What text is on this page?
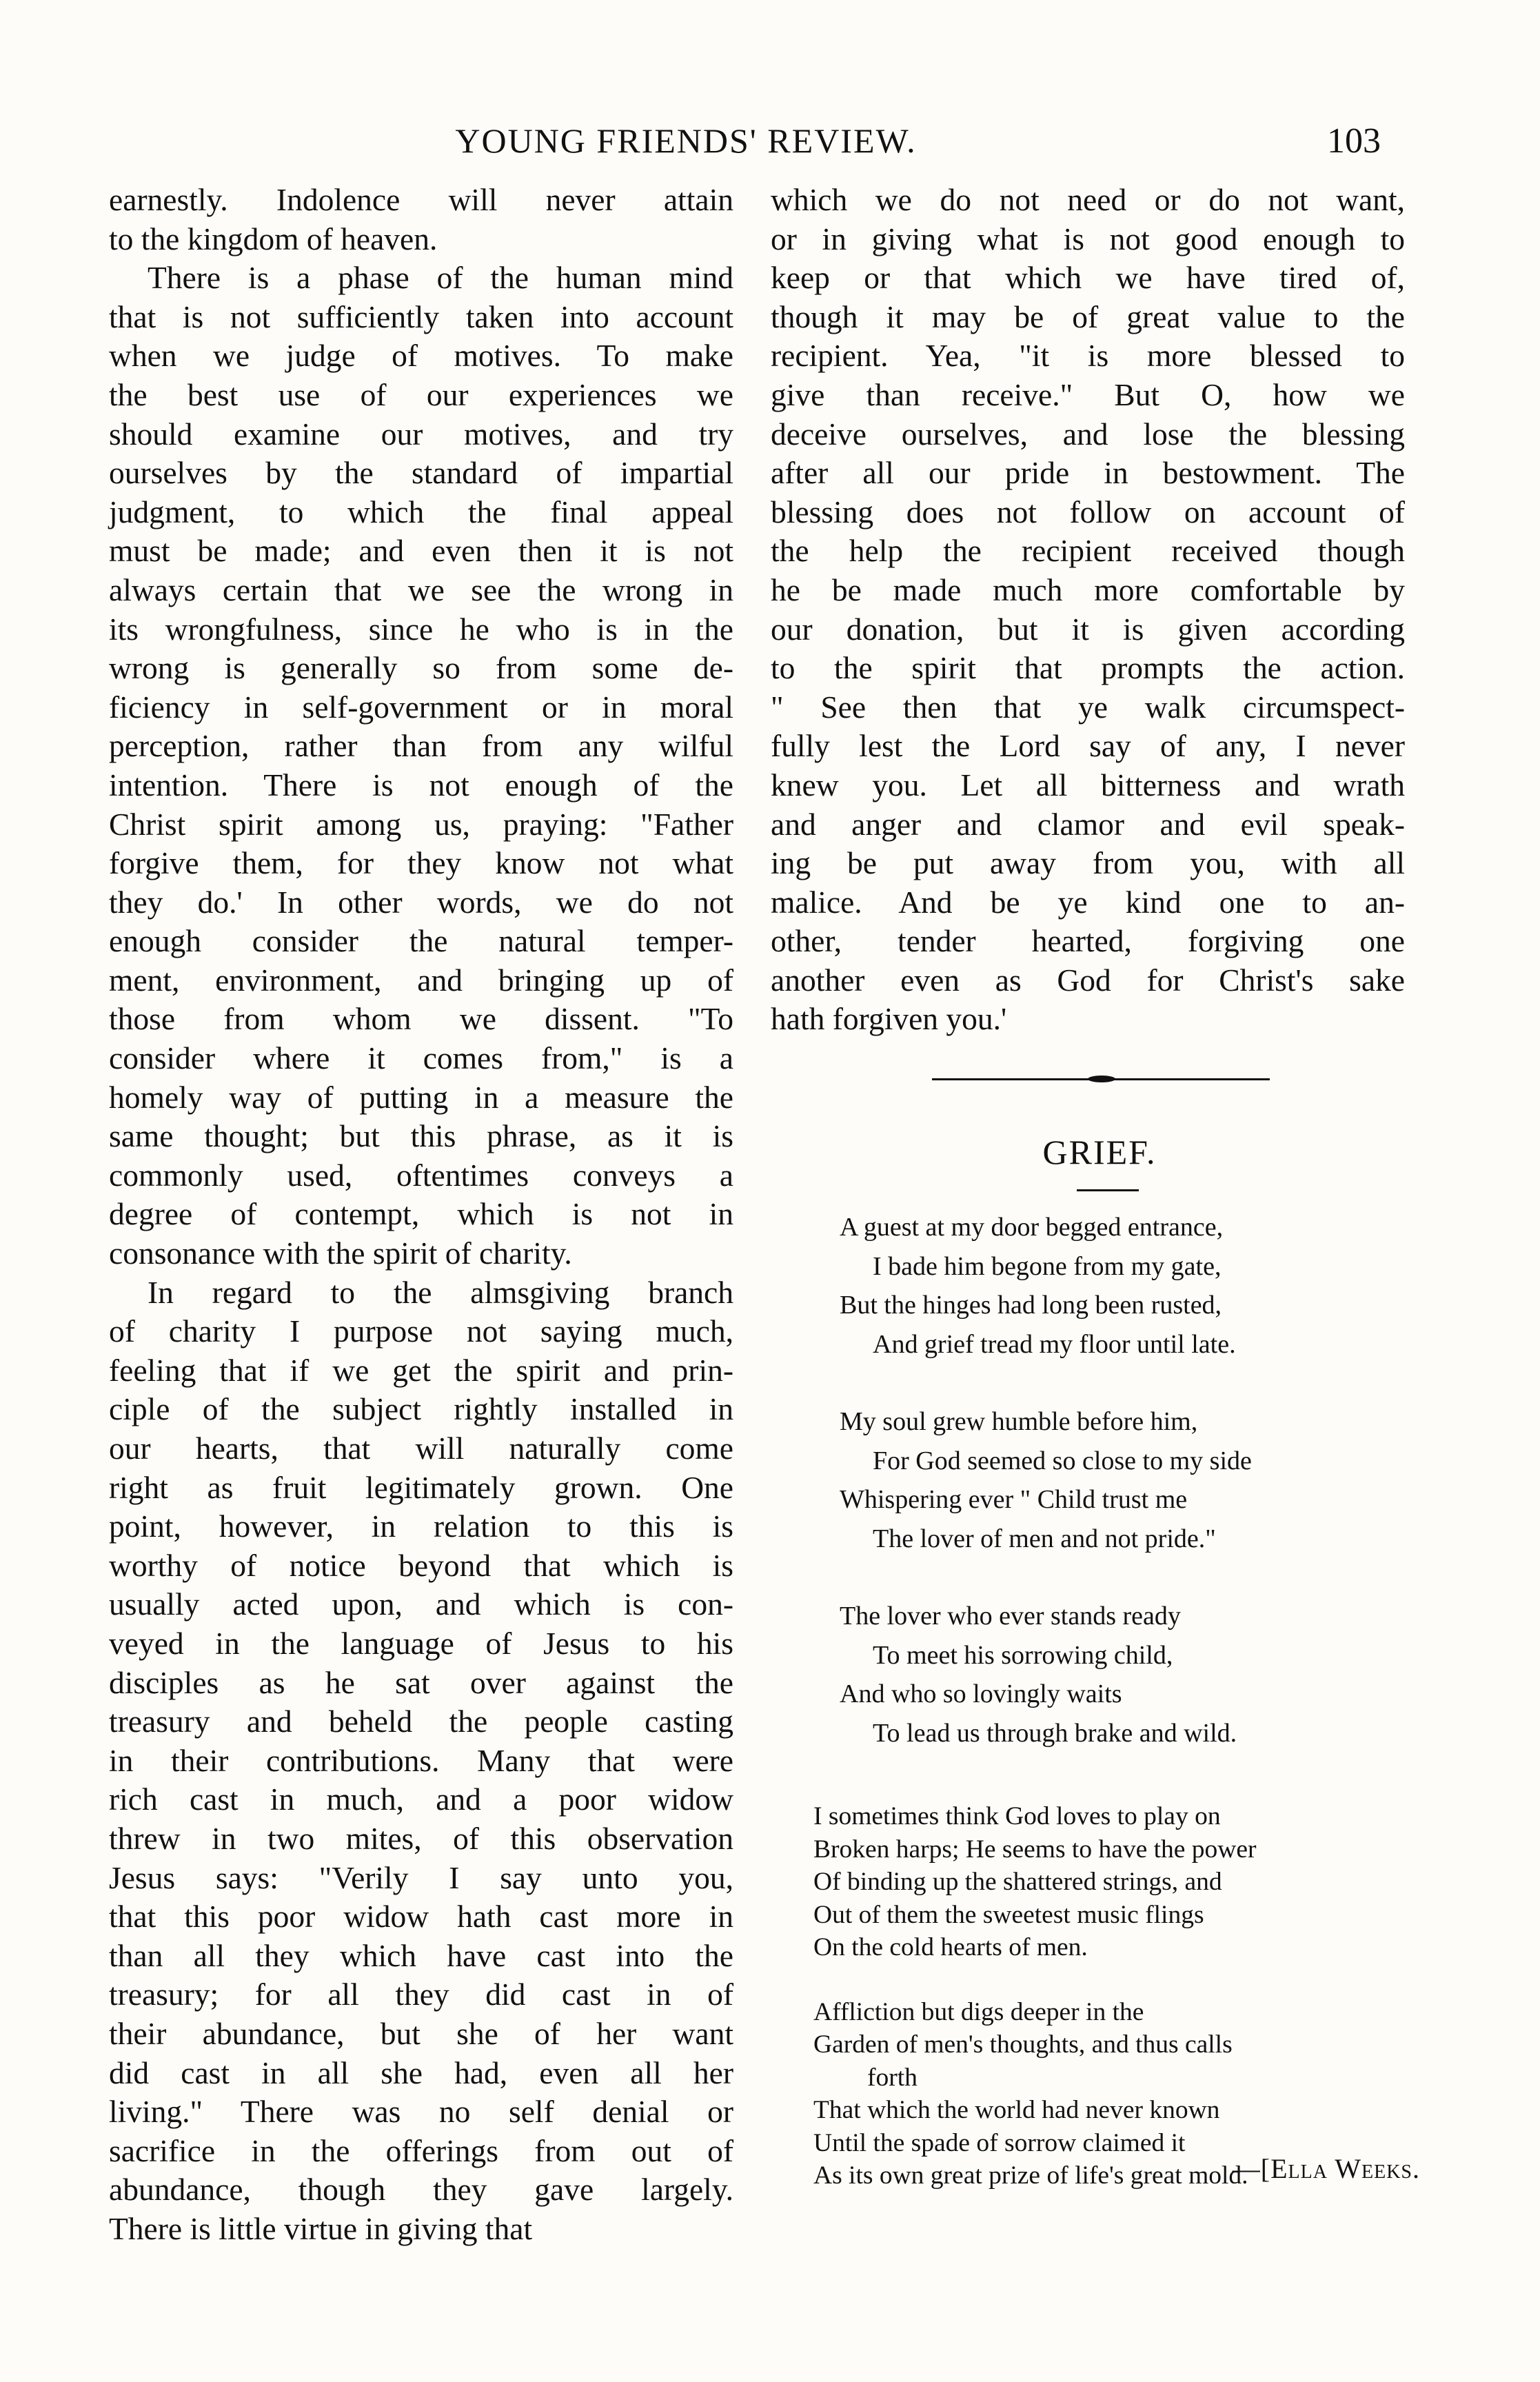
YOUNG FRIENDS' REVIEW.	103
earnestly. Indolence will never attain
to the kingdom of heaven.
There is a phase of the human mind
that is not sufficiently taken into account
when we judge of motives. To make
the best use of our experiences we
should examine our motives, and try
ourselves by the standard of impartial
judgment, to which the final appeal
must be made; and even then it is not
always certain that we see the wrong in
its wrongfulness, since he who is in the
wrong is generally so from some de-
ficiency in self-government or in moral
perception, rather than from any wilful
intention. There is not enough of the
Christ spirit among us, praying: "Father
forgive them, for they know not what
they do.' In other words, we do not
enough consider the natural temper-
ment, environment, and bringing up of
those from whom we dissent. "To
consider where it comes from," is a
homely way of putting in a measure the
same thought; but this phrase, as it is
commonly used, oftentimes conveys a
degree of contempt, which is not in
consonance with the spirit of charity.
In regard to the almsgiving branch
of charity I purpose not saying much,
feeling that if we get the spirit and prin-
ciple of the subject rightly installed in
our hearts, that will naturally come
right as fruit legitimately grown. One
point, however, in relation to this is
worthy of notice beyond that which is
usually acted upon, and which is con-
veyed in the language of Jesus to his
disciples as he sat over against the
treasury and beheld the people casting
in their contributions. Many that were
rich cast in much, and a poor widow
threw in two mites, of this observation
Jesus says: "Verily I say unto you,
that this poor widow hath cast more in
than all they which have cast into the
treasury; for all they did cast in of
their abundance, but she of her want
did cast in all she had, even all her
living." There was no self denial or
sacrifice in the offerings from out of
abundance, though they gave largely.
There is little virtue in giving that
which we do not need or do not want,
or in giving what is not good enough to
keep or that which we have tired of,
though it may be of great value to the
recipient. Yea, "it is more blessed to
give than receive." But O, how we
deceive ourselves, and lose the blessing
after all our pride in bestowment. The
blessing does not follow on account of
the help the recipient received though
he be made much more comfortable by
our donation, but it is given according
to the spirit that prompts the action.
" See then that ye walk circumspect-
fully lest the Lord say of any, I never
knew you. Let all bitterness and wrath
and anger and clamor and evil speak-
ing be put away from you, with all
malice. And be ye kind one to an-
other, tender hearted, forgiving one
another even as God for Christ's sake
hath forgiven you.'
GRIEF.
A guest at my door begged entrance,
I bade him begone from my gate,
But the hinges had long been rusted,
And grief tread my floor until late.
My soul grew humble before him,
For God seemed so close to my side
Whispering ever " Child trust me
The lover of men and not pride."
The lover who ever stands ready
To meet his sorrowing child,
And who so lovingly waits
To lead us through brake and wild.
I sometimes think God loves to play on
Broken harps; He seems to have the power
Of binding up the shattered strings, and
Out of them the sweetest music flings
On the cold hearts of men.
Affliction but digs deeper in the
Garden of men's thoughts, and thus calls
forth
That which the world had never known
Until the spade of sorrow claimed it
As its own great prize of life's great mold.
—[Ella Weeks.
